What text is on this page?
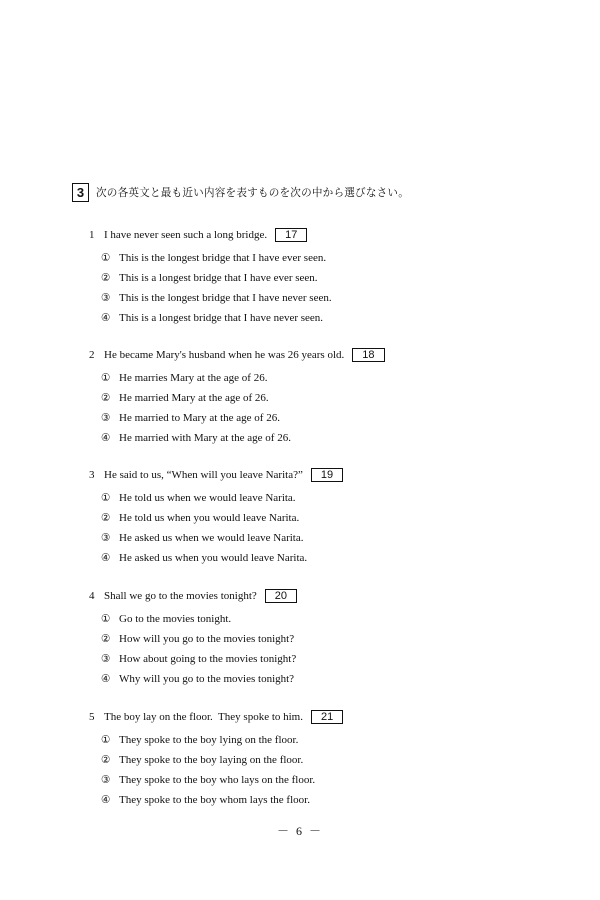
3	次の各英文と最も近い内容を表すものを次の中から選びなさい。
1 I have never seen such a long bridge.	17
① This is the longest bridge that I have ever seen.
② This is a longest bridge that I have ever seen.
③ This is the longest bridge that I have never seen.
④ This is a longest bridge that I have never seen.
2 He became Mary's husband when he was 26 years old.	18
① He marries Mary at the age of 26.
② He married Mary at the age of 26.
③ He married to Mary at the age of 26.
④ He married with Mary at the age of 26.
3 He said to us, “When will you leave Narita?”	19
① He told us when we would leave Narita.
② He told us when you would leave Narita.
③ He asked us when we would leave Narita.
④ He asked us when you would leave Narita.
4 Shall we go to the movies tonight?	20
① Go to the movies tonight.
② How will you go to the movies tonight?
③ How about going to the movies tonight?
④ Why will you go to the movies tonight?
5 The boy lay on the floor.  They spoke to him.	21
① They spoke to the boy lying on the floor.
② They spoke to the boy laying on the floor.
③ They spoke to the boy who lays on the floor.
④ They spoke to the boy whom lays the floor.
－ 6 －
